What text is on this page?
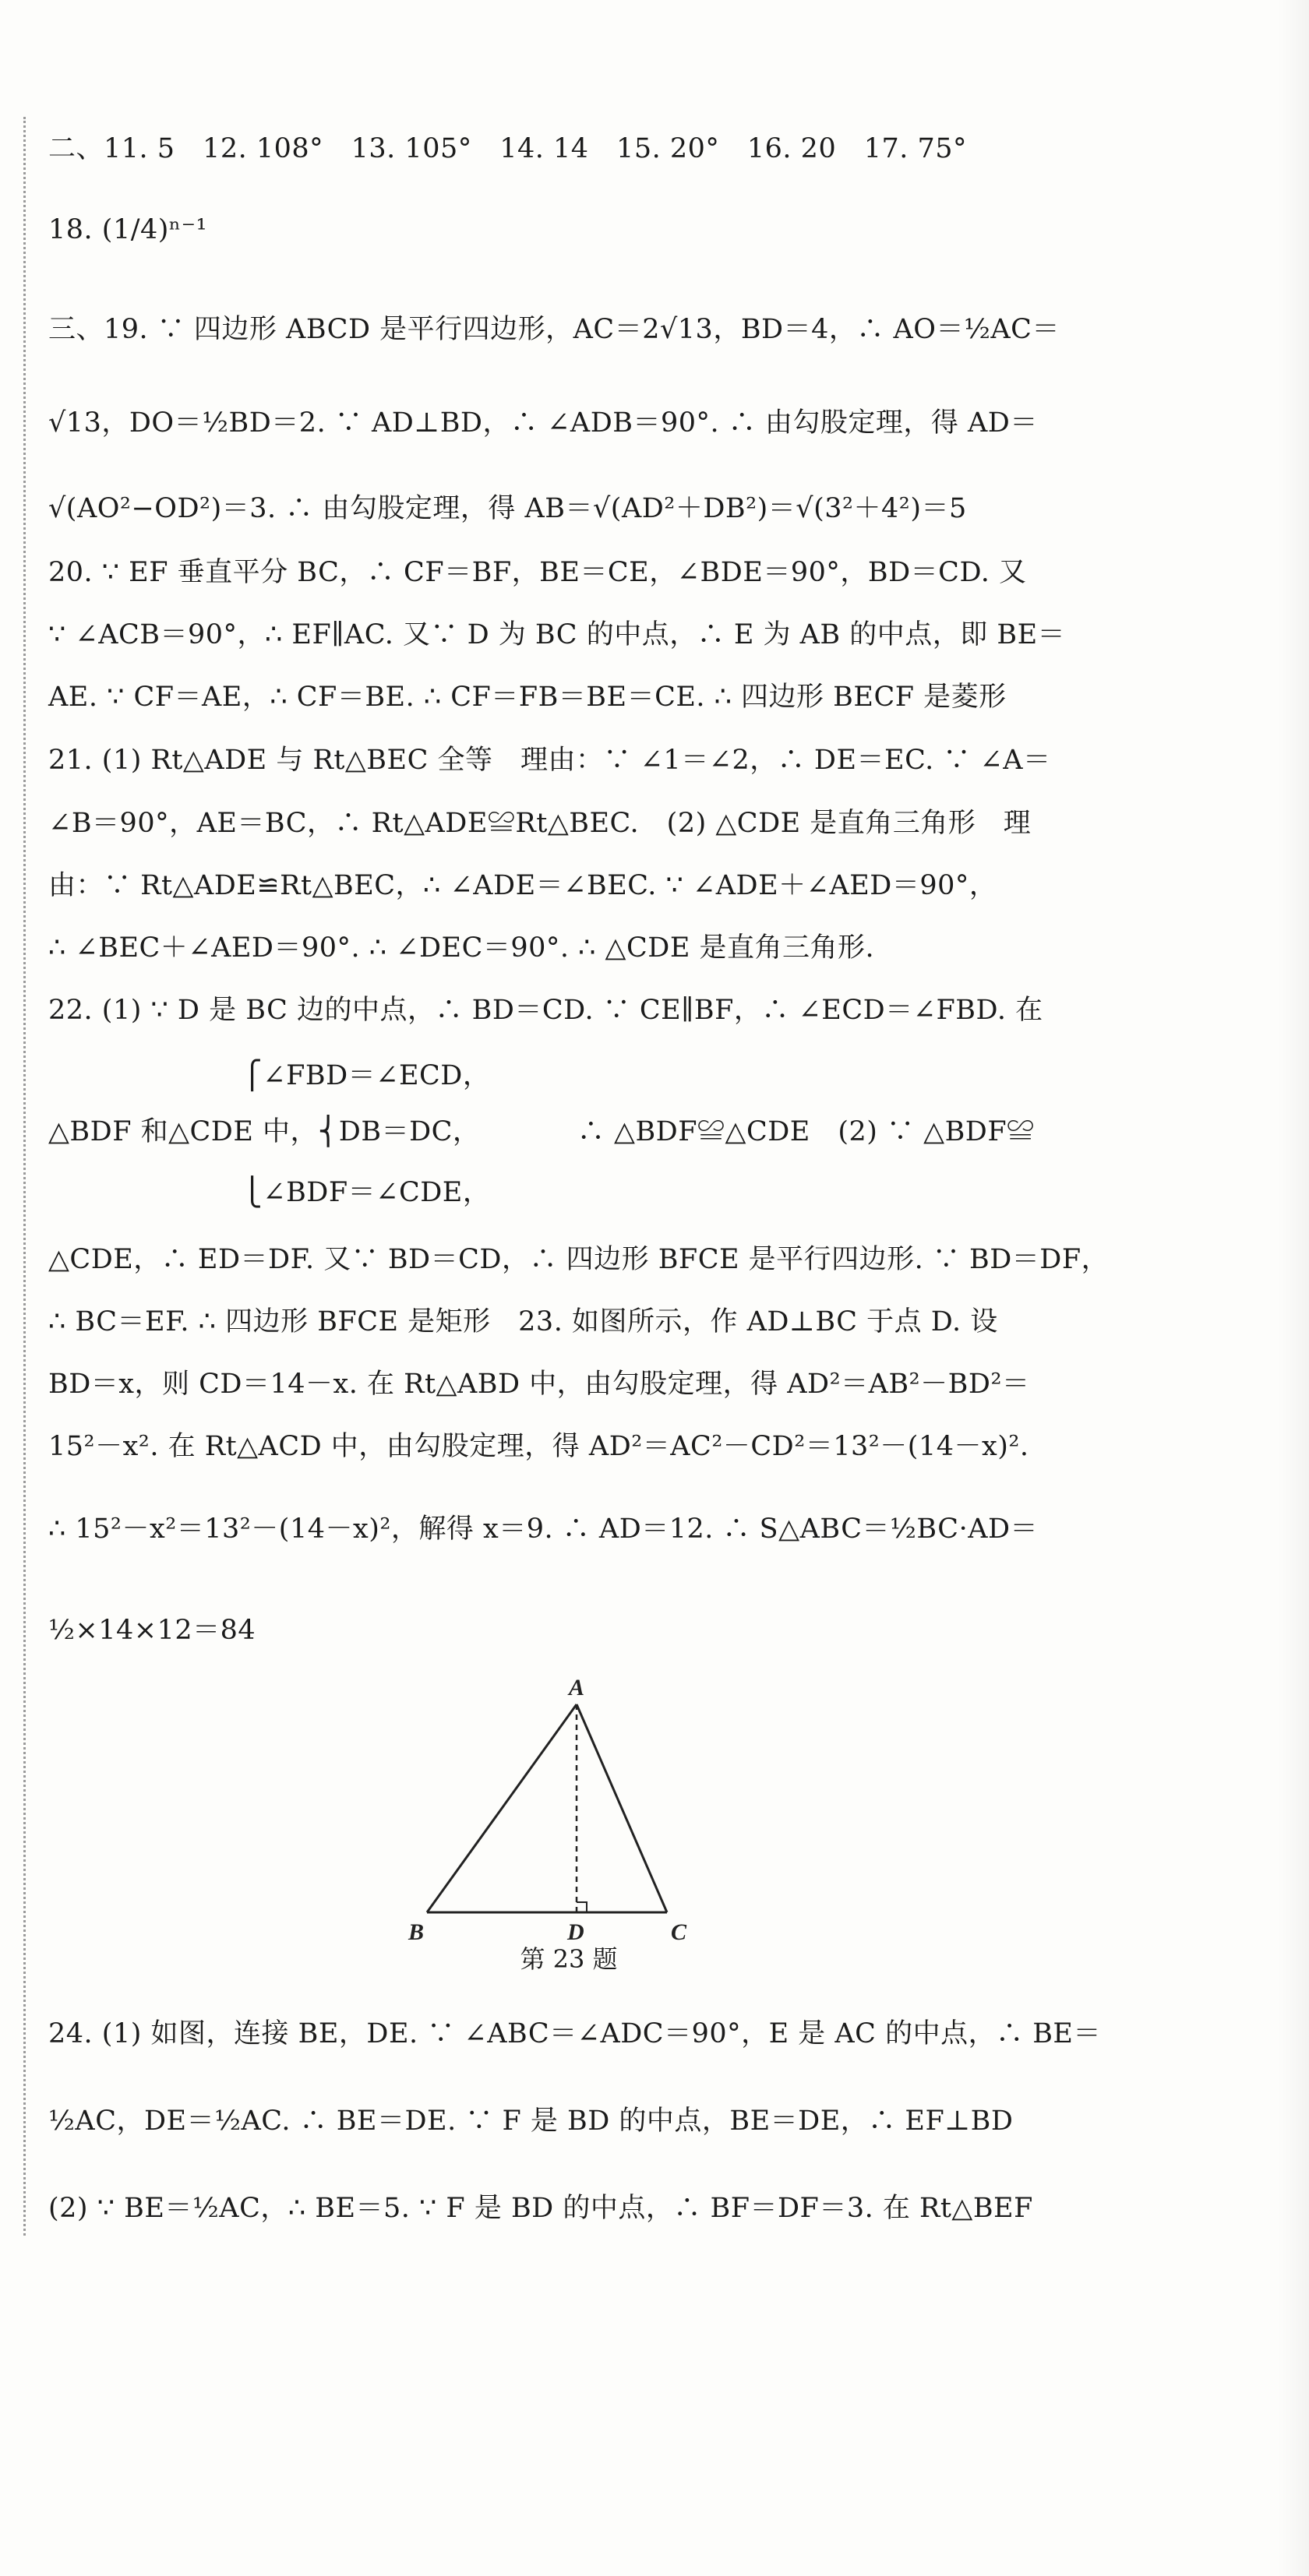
二、11. 5　12. 108°　13. 105°　14. 14　15. 20°　16. 20　17. 75°
18. (1/4)ⁿ⁻¹
三、19. ∵ 四边形 ABCD 是平行四边形，AC＝2√13，BD＝4，∴ AO＝½AC＝
√13，DO＝½BD＝2. ∵ AD⊥BD，∴ ∠ADB＝90°. ∴ 由勾股定理，得 AD＝
√(AO²−OD²)＝3. ∴ 由勾股定理，得 AB＝√(AD²＋DB²)＝√(3²＋4²)＝5
20. ∵ EF 垂直平分 BC，∴ CF＝BF，BE＝CE，∠BDE＝90°，BD＝CD. 又
∵ ∠ACB＝90°，∴ EF∥AC. 又∵ D 为 BC 的中点，∴ E 为 AB 的中点，即 BE＝
AE. ∵ CF＝AE，∴ CF＝BE. ∴ CF＝FB＝BE＝CE. ∴ 四边形 BECF 是菱形
21. (1) Rt△ADE 与 Rt△BEC 全等　理由：∵ ∠1＝∠2，∴ DE＝EC. ∵ ∠A＝
∠B＝90°，AE＝BC，∴ Rt△ADE≌Rt△BEC.　(2) △CDE 是直角三角形　理
由：∵ Rt△ADE≌Rt△BEC，∴ ∠ADE＝∠BEC. ∵ ∠ADE＋∠AED＝90°，
∴ ∠BEC＋∠AED＝90°. ∴ ∠DEC＝90°. ∴ △CDE 是直角三角形.
22. (1) ∵ D 是 BC 边的中点，∴ BD＝CD. ∵ CE∥BF，∴ ∠ECD＝∠FBD. 在
　　　　　　　⎧∠FBD＝∠ECD，
△BDF 和△CDE 中，⎨DB＝DC，　　　　∴ △BDF≌△CDE　(2) ∵ △BDF≌
　　　　　　　⎩∠BDF＝∠CDE，
△CDE，∴ ED＝DF. 又∵ BD＝CD，∴ 四边形 BFCE 是平行四边形. ∵ BD＝DF，
∴ BC＝EF. ∴ 四边形 BFCE 是矩形　23. 如图所示，作 AD⊥BC 于点 D. 设
BD＝x，则 CD＝14－x. 在 Rt△ABD 中，由勾股定理，得 AD²＝AB²－BD²＝
15²－x². 在 Rt△ACD 中，由勾股定理，得 AD²＝AC²－CD²＝13²－(14－x)².
∴ 15²－x²＝13²－(14－x)²，解得 x＝9. ∴ AD＝12. ∴ S△ABC＝½BC·AD＝
½×14×12＝84
A
B	C
D
第 23 题
24. (1) 如图，连接 BE，DE. ∵ ∠ABC＝∠ADC＝90°，E 是 AC 的中点，∴ BE＝
½AC，DE＝½AC. ∴ BE＝DE. ∵ F 是 BD 的中点，BE＝DE，∴ EF⊥BD
(2) ∵ BE＝½AC，∴ BE＝5. ∵ F 是 BD 的中点，∴ BF＝DF＝3. 在 Rt△BEF
